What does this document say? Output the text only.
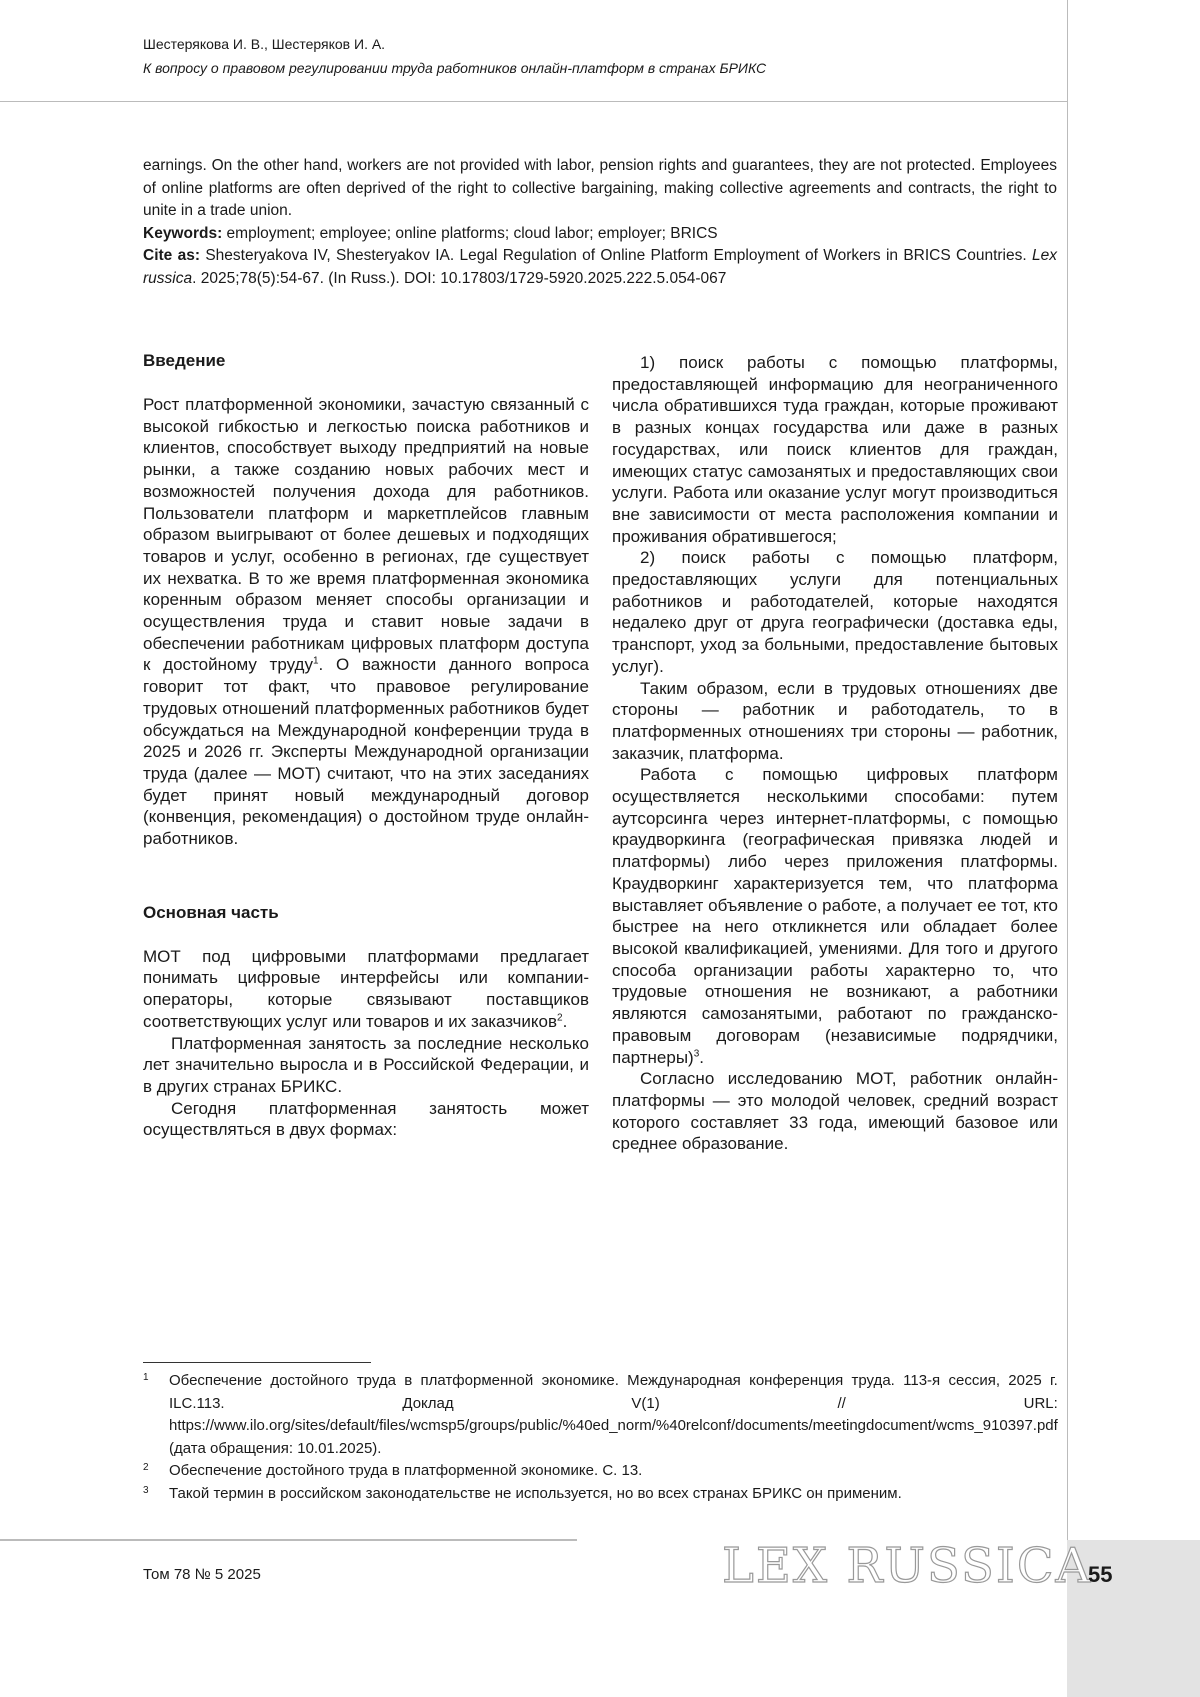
Шестерякова И. В., Шестеряков И. А.
К вопросу о правовом регулировании труда работников онлайн-платформ в странах БРИКС

earnings. On the other hand, workers are not provided with labor, pension rights and guarantees, they are not protected. Employees of online platforms are often deprived of the right to collective bargaining, making collective agreements and contracts, the right to unite in a trade union.

Keywords: employment; employee; online platforms; cloud labor; employer; BRICS

Cite as: Shesteryakova IV, Shesteryakov IA. Legal Regulation of Online Platform Employment of Workers in BRICS Countries. Lex russica. 2025;78(5):54-67. (In Russ.). DOI: 10.17803/1729-5920.2025.222.5.054-067

Введение

Рост платформенной экономики, зачастую связанный с высокой гибкостью и легкостью поиска работников и клиентов, способствует выходу предприятий на новые рынки, а также созданию новых рабочих мест и возможностей получения дохода для работников. Пользователи платформ и маркетплейсов главным образом выигрывают от более дешевых и подходящих товаров и услуг, особенно в регионах, где существует их нехватка. В то же время платформенная экономика коренным образом меняет способы организации и осуществления труда и ставит новые задачи в обеспечении работникам цифровых платформ доступа к достойному труду$^1$. О важности данного вопроса говорит тот факт, что правовое регулирование трудовых отношений платформенных работников будет обсуждаться на Международной конференции труда в 2025 и 2026 гг. Эксперты Международной организации труда (далее — МОТ) считают, что на этих заседаниях будет принят новый международный договор (конвенция, рекомендация) о достойном труде онлайн-работников.

Основная часть

МОТ под цифровыми платформами предлагает понимать цифровые интерфейсы или компании-операторы, которые связывают поставщиков соответствующих услуг или товаров и их заказчиков$^2$.

Платформенная занятость за последние несколько лет значительно выросла и в Российской Федерации, и в других странах БРИКС.

Сегодня платформенная занятость может осуществляться в двух формах:

1) поиск работы с помощью платформы, предоставляющей информацию для неограниченного числа обратившихся туда граждан, которые проживают в разных концах государства или даже в разных государствах, или поиск клиентов для граждан, имеющих статус самозанятых и предоставляющих свои услуги. Работа или оказание услуг могут производиться вне зависимости от места расположения компании и проживания обратившегося;

2) поиск работы с помощью платформ, предоставляющих услуги для потенциальных работников и работодателей, которые находятся недалеко друг от друга географически (доставка еды, транспорт, уход за больными, предоставление бытовых услуг).

Таким образом, если в трудовых отношениях две стороны — работник и работодатель, то в платформенных отношениях три стороны — работник, заказчик, платформа.

Работа с помощью цифровых платформ осуществляется несколькими способами: путем аутсорсинга через интернет-платформы, с помощью краудворкинга (географическая привязка людей и платформы) либо через приложения платформы. Краудворкинг характеризуется тем, что платформа выставляет объявление о работе, а получает ее тот, кто быстрее на него откликнется или обладает более высокой квалификацией, умениями. Для того и другого способа организации работы характерно то, что трудовые отношения не возникают, а работники являются самозанятыми, работают по гражданско-правовым договорам (независимые подрядчики, партнеры)$^3$.

Согласно исследованию МОТ, работник онлайн-платформы — это молодой человек, средний возраст которого составляет 33 года, имеющий базовое или среднее образование.

1	Обеспечение достойного труда в платформенной экономике. Международная конференция труда. 113-я сессия, 2025 г. ILC.113. Доклад V(1) // URL: https://www.ilo.org/sites/default/files/wcmsp5/groups/public/%40ed_norm/%40relconf/documents/meetingdocument/wcms_910397.pdf (дата обращения: 10.01.2025).
2	Обеспечение достойного труда в платформенной экономике. С. 13.
3	Такой термин в российском законодательстве не используется, но во всех странах БРИКС он применим.
Том 78 № 5 2025	LEX RUSSICA
55
